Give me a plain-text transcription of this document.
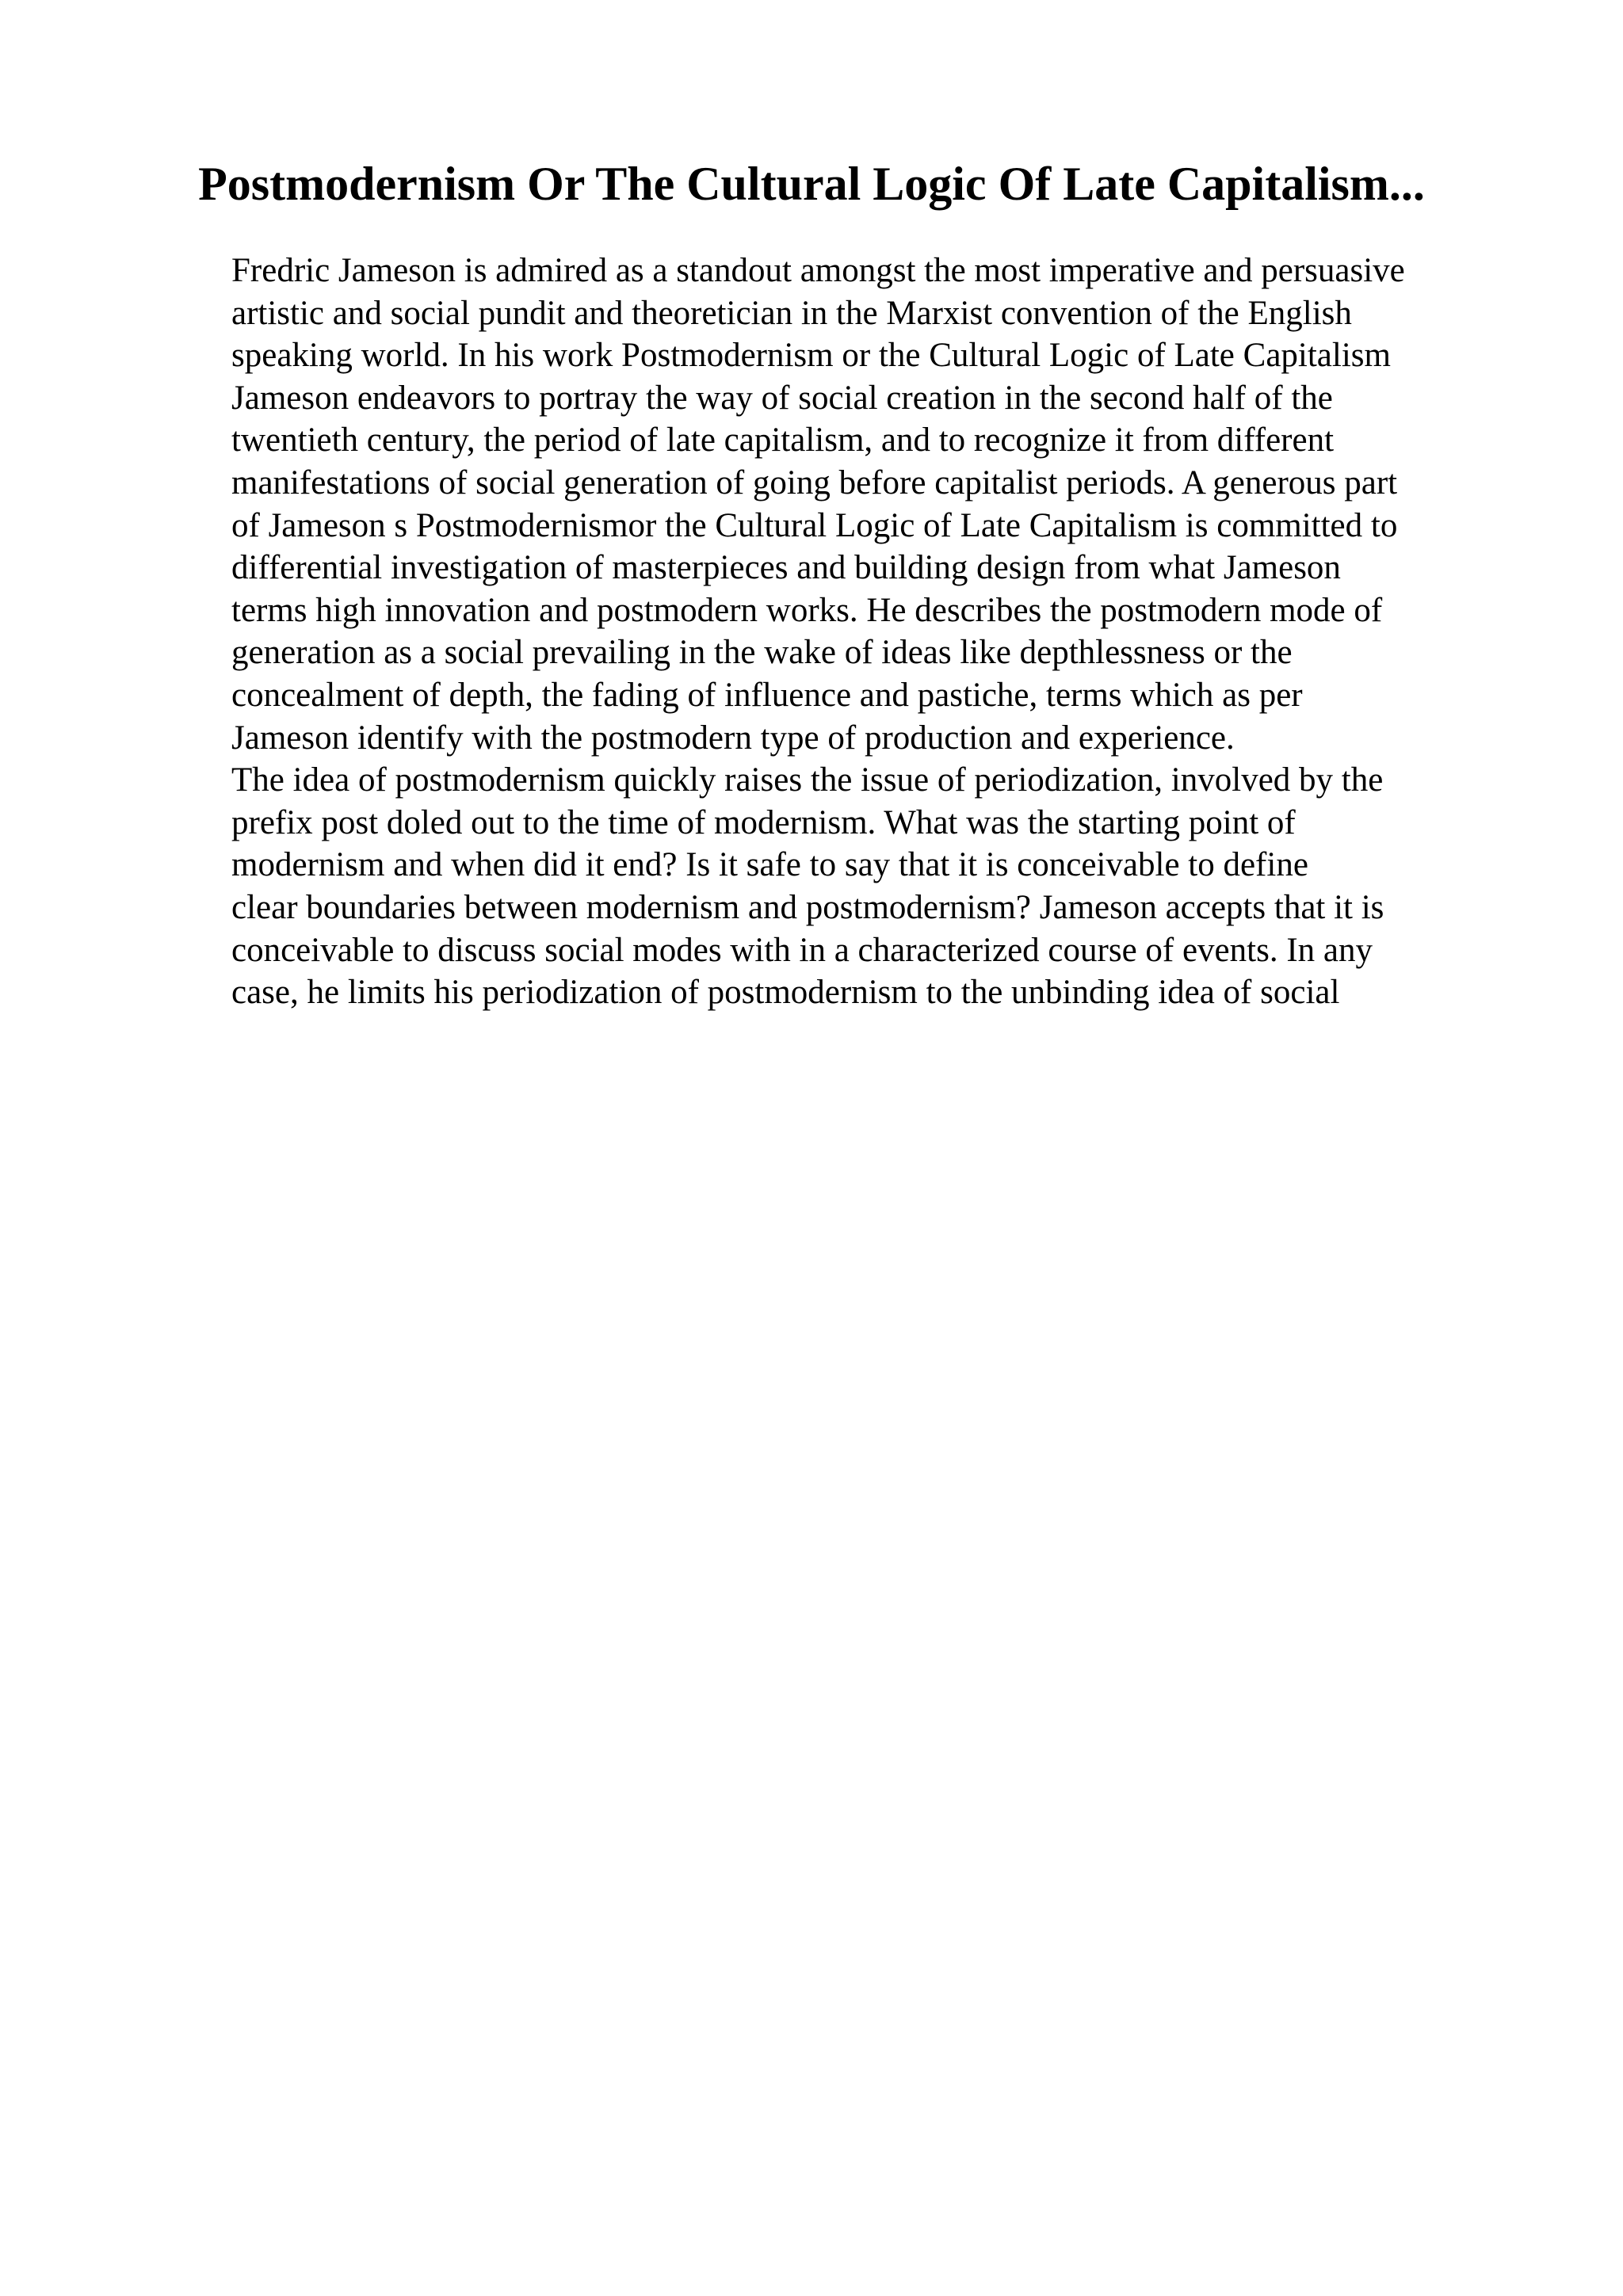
Postmodernism Or The Cultural Logic Of Late Capitalism...
Fredric Jameson is admired as a standout amongst the most imperative and persuasive
artistic and social pundit and theoretician in the Marxist convention of the English
speaking world. In his work Postmodernism or the Cultural Logic of Late Capitalism
Jameson endeavors to portray the way of social creation in the second half of the
twentieth century, the period of late capitalism, and to recognize it from different
manifestations of social generation of going before capitalist periods. A generous part
of Jameson s Postmodernismor the Cultural Logic of Late Capitalism is committed to
differential investigation of masterpieces and building design from what Jameson
terms high innovation and postmodern works. He describes the postmodern mode of
generation as a social prevailing in the wake of ideas like depthlessness or the
concealment of depth, the fading of influence and pastiche, terms which as per
Jameson identify with the postmodern type of production and experience.
The idea of postmodernism quickly raises the issue of periodization, involved by the
prefix post doled out to the time of modernism. What was the starting point of
modernism and when did it end? Is it safe to say that it is conceivable to define
clear boundaries between modernism and postmodernism? Jameson accepts that it is
conceivable to discuss social modes with in a characterized course of events. In any
case, he limits his periodization of postmodernism to the unbinding idea of social
